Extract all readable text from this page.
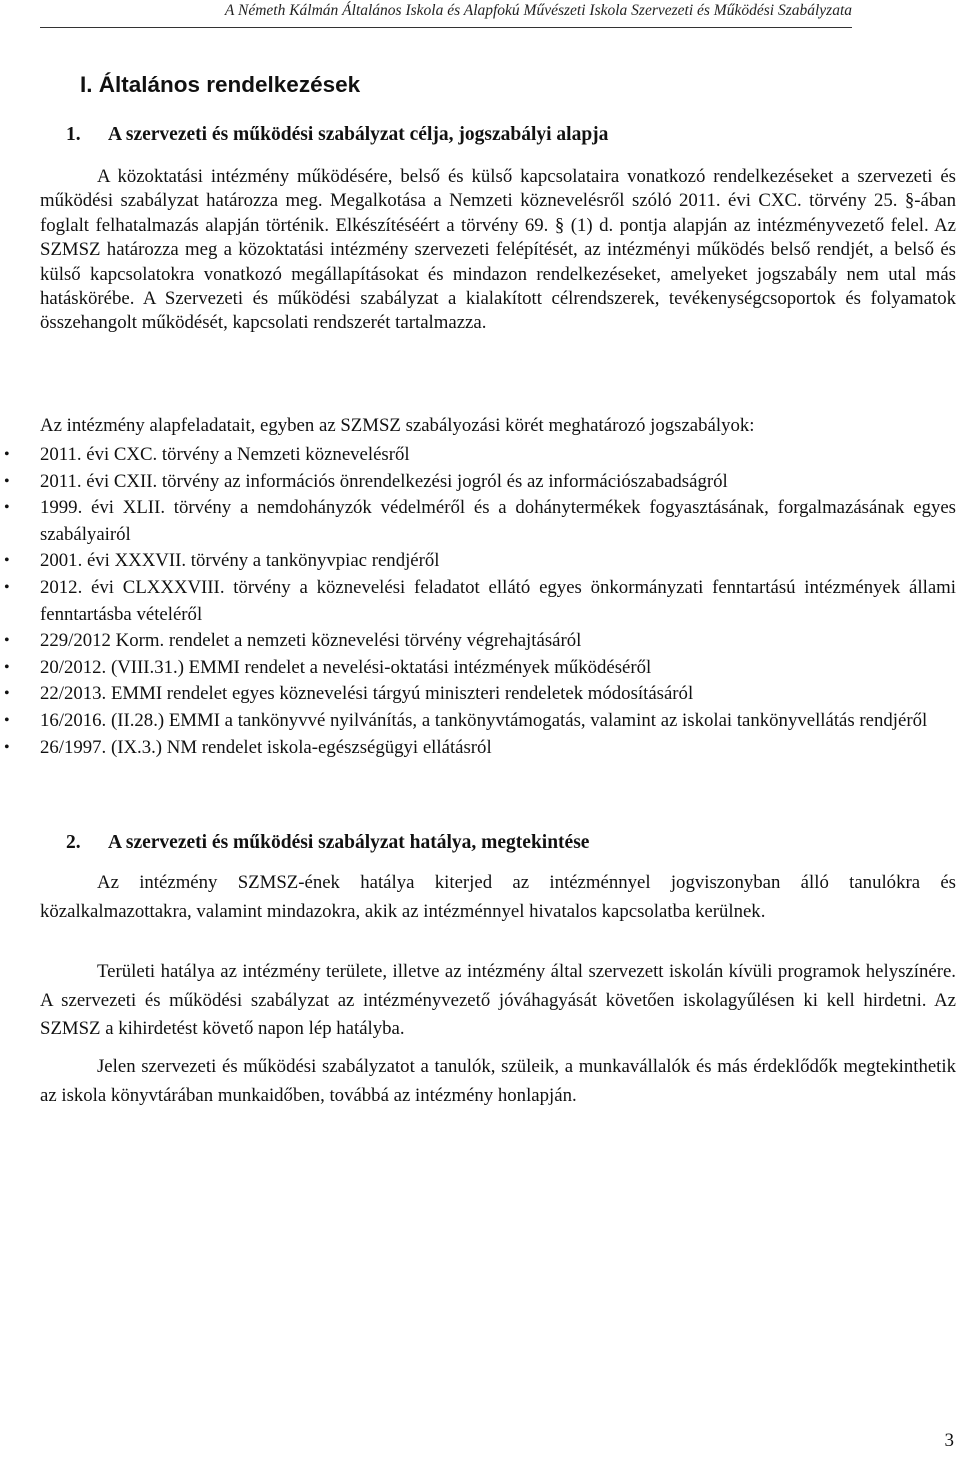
A Németh Kálmán Általános Iskola és Alapfokú Művészeti Iskola Szervezeti és Működési Szabályzata
I. Általános rendelkezések
1. A szervezeti és működési szabályzat célja, jogszabályi alapja

A közoktatási intézmény működésére, belső és külső kapcsolataira vonatkozó rendelkezéseket a szervezeti és működési szabályzat határozza meg. Megalkotása a Nemzeti köznevelésről szóló 2011. évi CXC. törvény 25. §-ában foglalt felhatalmazás alapján történik. Elkészítéséért a törvény 69. § (1) d. pontja alapján az intézményvezető felel. Az SZMSZ határozza meg a közoktatási intézmény szervezeti felépítését, az intézményi működés belső rendjét, a belső és külső kapcsolatokra vonatkozó megállapításokat és mindazon rendelkezéseket, amelyeket jogszabály nem utal más hatáskörébe. A Szervezeti és működési szabályzat a kialakított célrendszerek, tevékenységcsoportok és folyamatok összehangolt működését, kapcsolati rendszerét tartalmazza.

Az intézmény alapfeladatait, egyben az SZMSZ szabályozási körét meghatározó jogszabályok:
• 2011. évi CXC. törvény a Nemzeti köznevelésről
• 2011. évi CXII. törvény az információs önrendelkezési jogról és az információszabadságról
• 1999. évi XLII. törvény a nemdohányzók védelméről és a dohánytermékek fogyasztásának, forgalmazásának egyes szabályairól
• 2001. évi XXXVII. törvény a tankönyvpiac rendjéről
• 2012. évi CLXXXVIII. törvény a köznevelési feladatot ellátó egyes önkormányzati fenntartású intézmények állami fenntartásba vételéről
• 229/2012 Korm. rendelet a nemzeti köznevelési törvény végrehajtásáról
• 20/2012. (VIII.31.) EMMI rendelet a nevelési-oktatási intézmények működéséről
• 22/2013. EMMI rendelet egyes köznevelési tárgyú miniszteri rendeletek módosításáról
• 16/2016. (II.28.) EMMI a tankönyvvé nyilvánítás, a tankönyvtámogatás, valamint az iskolai tankönyvellátás rendjéről
• 26/1997. (IX.3.) NM rendelet iskola-egészségügyi ellátásról
2. A szervezeti és működési szabályzat hatálya, megtekintése

Az intézmény SZMSZ-ének hatálya kiterjed az intézménnyel jogviszonyban álló tanulókra és közalkalmazottakra, valamint mindazokra, akik az intézménnyel hivatalos kapcsolatba kerülnek.

Területi hatálya az intézmény területe, illetve az intézmény által szervezett iskolán kívüli programok helyszínére. A szervezeti és működési szabályzat az intézményvezető jóváhagyását követően iskolagyűlésen ki kell hirdetni. Az SZMSZ a kihirdetést követő napon lép hatályba.

Jelen szervezeti és működési szabályzatot a tanulók, szüleik, a munkavállalók és más érdeklődők megtekinthetik az iskola könyvtárában munkaidőben, továbbá az intézmény honlapján.

3
